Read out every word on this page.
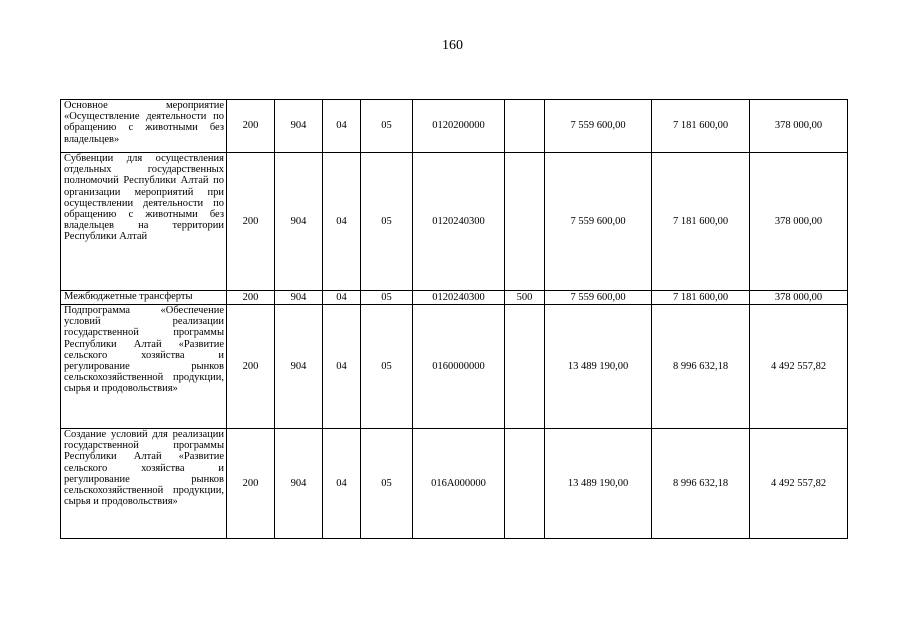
160
Основное мероприятие «Осуществление деятельности по обращению с животными без владельцев»	200	904	04	05	0120200000		7 559 600,00	7 181 600,00	378 000,00
Субвенции для осуществления отдельных государственных полномочий Республики Алтай по организации мероприятий при осуществлении деятельности по обращению с животными без владельцев на территории Республики Алтай	200	904	04	05	0120240300		7 559 600,00	7 181 600,00	378 000,00
Межбюджетные трансферты	200	904	04	05	0120240300	500	7 559 600,00	7 181 600,00	378 000,00
Подпрограмма «Обеспечение условий реализации государственной программы Республики Алтай «Развитие сельского хозяйства и регулирование рынков сельскохозяйственной продукции, сырья и продовольствия»	200	904	04	05	0160000000		13 489 190,00	8 996 632,18	4 492 557,82
Создание условий для реализации государственной программы Республики Алтай «Развитие сельского хозяйства и регулирование рынков сельскохозяйственной продукции, сырья и продовольствия»	200	904	04	05	016А000000		13 489 190,00	8 996 632,18	4 492 557,82
